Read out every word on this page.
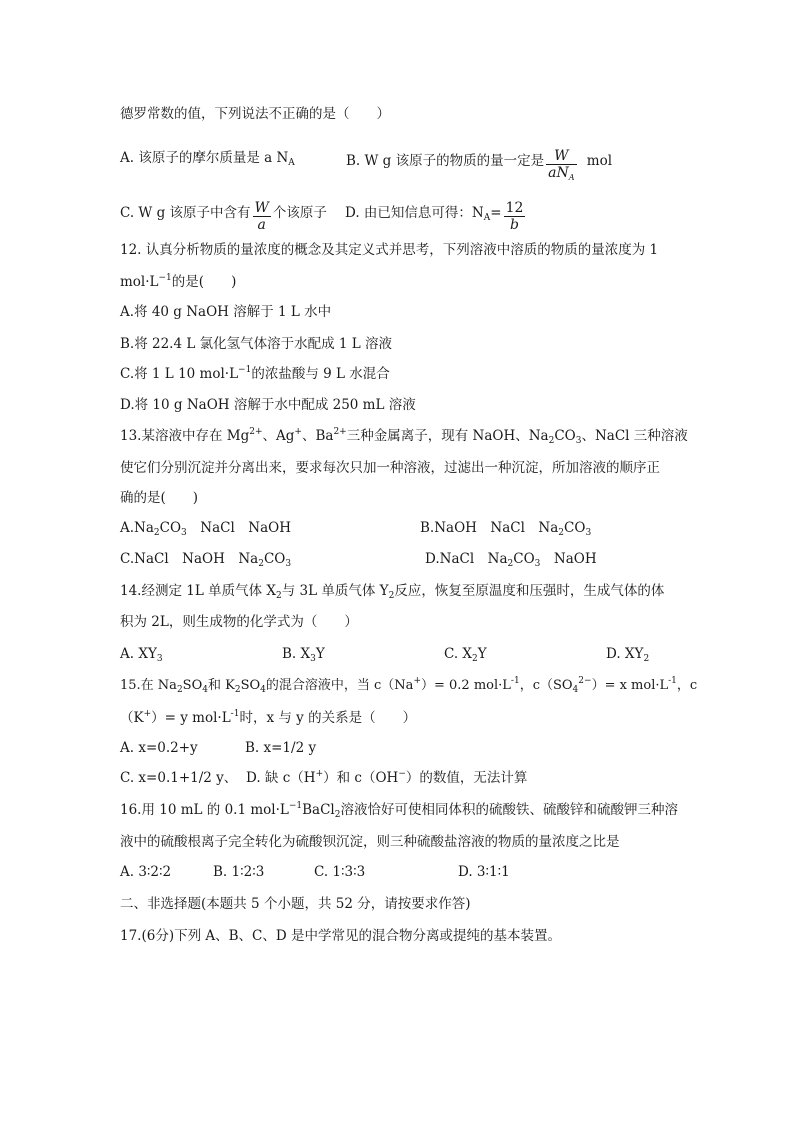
德罗常数的值，下列说法不正确的是（　　）
A. 该原子的摩尔质量是 a $N_A$	B. W g 该原子的物质的量一定是 $\frac{W}{aN_A}$ mol
C. W g 该原子中含有 $\frac{W}{a}$ 个该原子 D. 由已知信息可得：$N_A= \frac{12}{b}$
12. 认真分析物质的量浓度的概念及其定义式并思考，下列溶液中溶质的物质的量浓度为 1
$mol\cdot L^{-1}$的是(　　)
A.将 40 g NaOH 溶解于 1 L 水中
B.将 22.4 L 氯化氢气体溶于水配成 1 L 溶液
C.将 1 L 10 $mol\cdot L^{-1}$的浓盐酸与 9 L 水混合
D.将 10 g NaOH 溶解于水中配成 250 mL 溶液
13.某溶液中存在 $Mg^{2+}$、Ag+、$Ba^{2+}$三种金属离子，现有 NaOH、$Na_2CO_3$、NaCl 三种溶液
使它们分别沉淀并分离出来，要求每次只加一种溶液，过滤出一种沉淀，所加溶液的顺序正
确的是(　　)
$A.Na_2CO_3$　NaCl　NaOH	B.NaOH　NaCl　$Na_2CO_3$
C.NaCl　NaOH　$Na_2CO_3$	D.NaCl　$Na_2CO_3$　NaOH
14.经测定 1L 单质气体 $X_2$与 3L 单质气体 $Y_2$反应，恢复至原温度和压强时，生成气体的体
积为 2L，则生成物的化学式为（　　）
A. $XY_3$	B. $X_3Y$	C. $X_2Y$	D. $XY_2$
15.在 $Na_2SO_4$和 $K_2SO_4$的混合溶液中，当 c（Na+）= 0.2 $mol\cdot L^{-1}$，$c(SO_4^{2-})= x$ $mol\cdot L^{-1}$，c
（K+）= y $mol\cdot L^{-1}$时，x 与 y 的关系是（　　）
A. x=0.2+y	B. x=1/2 y
C. x=0.1+1/2 y、 D. 缺 c（H+）和 c（OH−）的数值，无法计算
16.用 10 mL 的 0.1 $mol\cdot L^{-1}BaCl_2$溶液恰好可使相同体积的硫酸铁、硫酸锌和硫酸钾三种溶
液中的硫酸根离子完全转化为硫酸钡沉淀，则三种硫酸盐溶液的物质的量浓度之比是
A. 3∶2∶2	B. 1∶2∶3	C. 1∶3∶3	D. 3∶1∶1
二、非选择题(本题共 5 个小题，共 52 分，请按要求作答)
17.(6分)下列 A、B、C、D 是中学常见的混合物分离或提纯的基本装置。
